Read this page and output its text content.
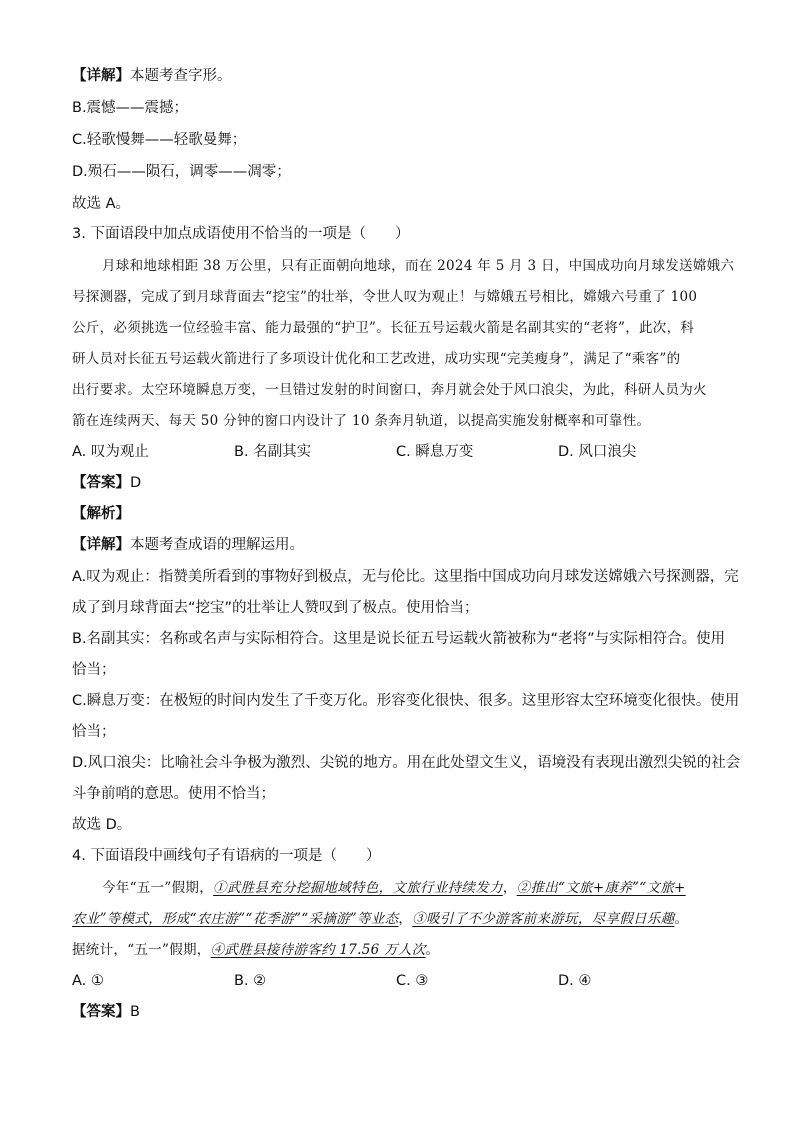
【详解】本题考查字形。
B.震憾——震撼；
C.轻歌慢舞——轻歌曼舞；
D.殒石——陨石，调零——凋零；
故选 A。
3. 下面语段中加点成语使用不恰当的一项是（　　）
月球和地球相距 38 万公里，只有正面朝向地球，而在 2024 年 5 月 3 日，中国成功向月球发送嫦娥六
号探测器，完成了到月球背面去“挖宝”的壮举，令世人叹为观止！与嫦娥五号相比，嫦娥六号重了 100
公斤，必须挑选一位经验丰富、能力最强的“护卫”。长征五号运载火箭是名副其实的“老将”，此次，科
研人员对长征五号运载火箭进行了多项设计优化和工艺改进，成功实现“完美瘦身”，满足了“乘客”的
出行要求。太空环境瞬息万变，一旦错过发射的时间窗口，奔月就会处于风口浪尖，为此，科研人员为火
箭在连续两天、每天 50 分钟的窗口内设计了 10 条奔月轨道，以提高实施发射概率和可靠性。
A. 叹为观止	B. 名副其实	C. 瞬息万变	D. 风口浪尖
【答案】D
【解析】
【详解】本题考查成语的理解运用。
A.叹为观止：指赞美所看到的事物好到极点，无与伦比。这里指中国成功向月球发送嫦娥六号探测器，完
成了到月球背面去“挖宝”的壮举让人赞叹到了极点。使用恰当；
B.名副其实：名称或名声与实际相符合。这里是说长征五号运载火箭被称为“老将”与实际相符合。使用
恰当；
C.瞬息万变：在极短的时间内发生了千变万化。形容变化很快、很多。这里形容太空环境变化很快。使用
恰当；
D.风口浪尖：比喻社会斗争极为激烈、尖锐的地方。用在此处望文生义，语境没有表现出激烈尖锐的社会
斗争前哨的意思。使用不恰当；
故选 D。
4. 下面语段中画线句子有语病的一项是（　　）
今年“五一”假期，①武胜县充分挖掘地域特色，文旅行业持续发力，②推出“文旅+康养”“文旅+
农业”等模式，形成“农庄游”“花季游”“采摘游”等业态，③吸引了不少游客前来游玩，尽享假日乐趣。
据统计，“五一”假期，④武胜县接待游客约 17.56 万人次。
A. ①	B. ②	C. ③	D. ④
【答案】B
